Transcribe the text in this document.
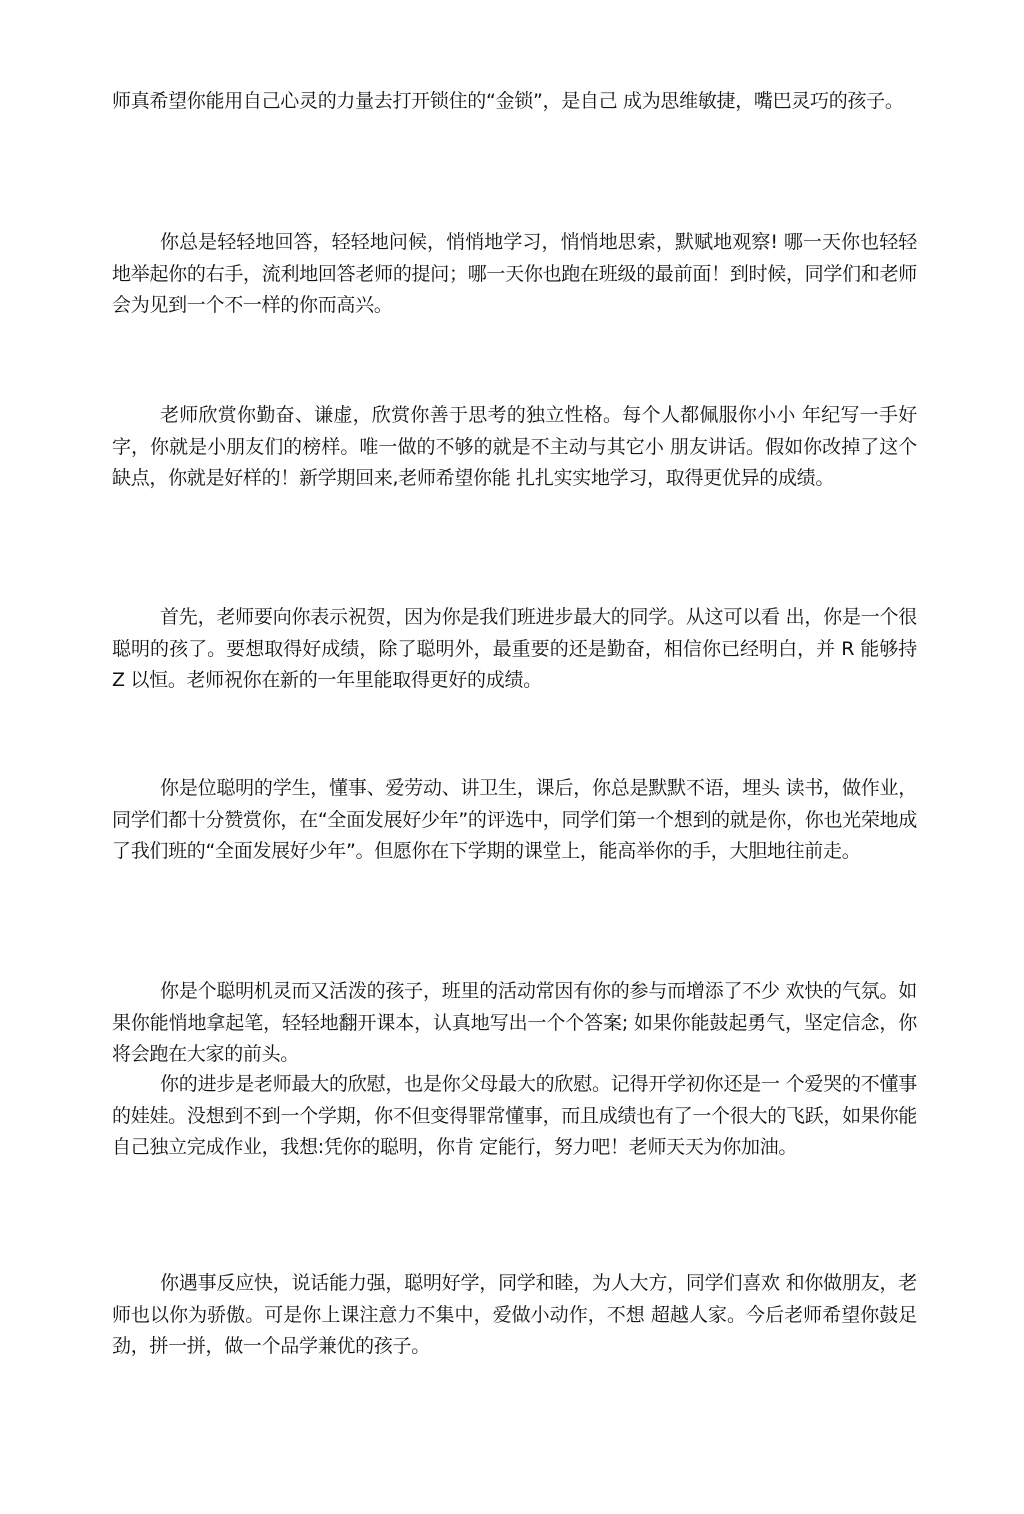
师真希望你能用自己心灵的力量去打开锁住的“金锁”，是自己 成为思维敏捷，嘴巴灵巧的孩子。

你总是轻轻地回答，轻轻地问候，悄悄地学习，悄悄地思索，默赋地观察! 哪一天你也轻轻地举起你的右手，流利地回答老师的提问；哪一天你也跑在班级的最前面！到时候，同学们和老师会为见到一个不一样的你而高兴。

老师欣赏你勤奋、谦虚，欣赏你善于思考的独立性格。每个人都佩服你小小 年纪写一手好字，你就是小朋友们的榜样。唯一做的不够的就是不主动与其它小 朋友讲话。假如你改掉了这个缺点，你就是好样的！新学期回来,老师希望你能 扎扎实实地学习，取得更优异的成绩。

首先，老师要向你表示祝贺，因为你是我们班进步最大的同学。从这可以看 出，你是一个很聪明的孩了。要想取得好成绩，除了聪明外，最重要的还是勤奋，相信你已经明白，并 R 能够持 Z 以恒。老师祝你在新的一年里能取得更好的成绩。

你是位聪明的学生，懂事、爱劳动、讲卫生，课后，你总是默默不语，埋头 读书，做作业，同学们都十分赞赏你，在“全面发展好少年”的评选中，同学们第一个想到的就是你，你也光荣地成了我们班的“全面发展好少年”。但愿你在下学期的课堂上，能高举你的手，大胆地往前走。

你是个聪明机灵而又活泼的孩子，班里的活动常因有你的参与而增添了不少 欢快的气氛。如果你能悄地拿起笔，轻轻地翻开课本，认真地写出一个个答案; 如果你能鼓起勇气，坚定信念，你将会跑在大家的前头。

你的进步是老师最大的欣慰，也是你父母最大的欣慰。记得开学初你还是一 个爱哭的不懂事的娃娃。没想到不到一个学期，你不但变得罪常懂事，而且成绩也有了一个很大的飞跃，如果你能自己独立完成作业，我想:凭你的聪明，你肯 定能行，努力吧！老师天天为你加油。

你遇事反应快，说话能力强，聪明好学，同学和睦，为人大方，同学们喜欢 和你做朋友，老师也以你为骄傲。可是你上课注意力不集中，爱做小动作，不想 超越人家。今后老师希望你鼓足劲，拼一拼，做一个品学兼优的孩子。
